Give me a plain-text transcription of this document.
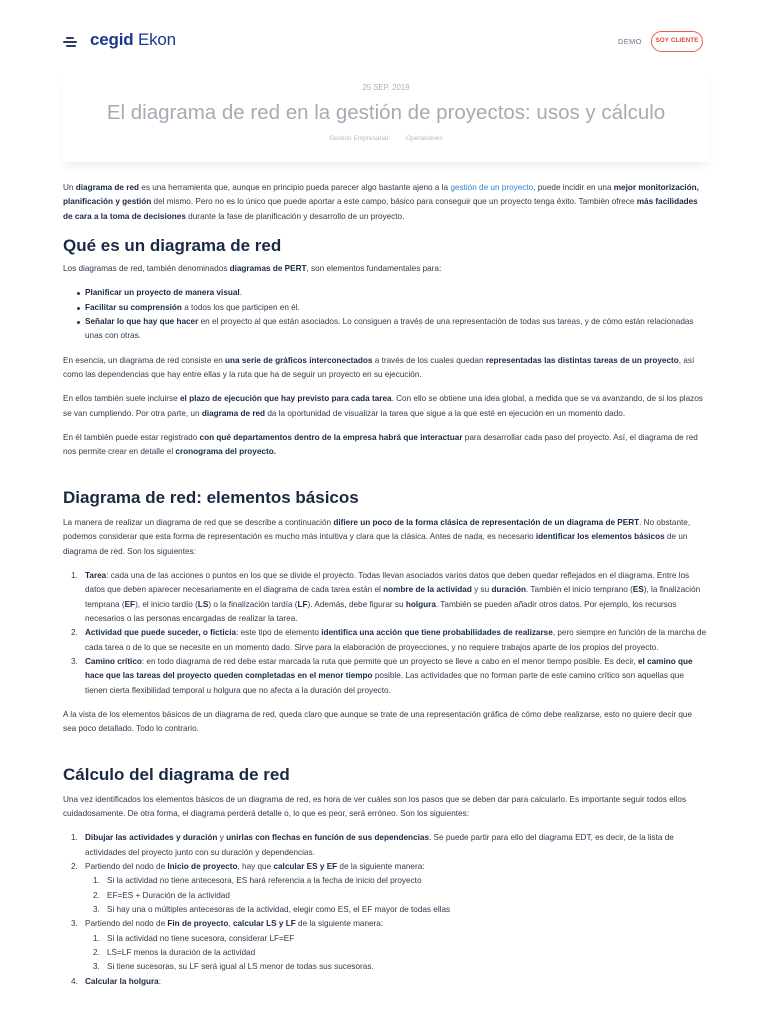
cegid Ekon	DEMO	SOY CLIENTE
25 SEP. 2019
El diagrama de red en la gestión de proyectos: usos y cálculo
Gestión Empresarial	Operaciones

Un diagrama de red es una herramienta que, aunque en principio pueda parecer algo bastante ajeno a la gestión de un proyecto, puede incidir en una mejor monitorización, planificación y gestión del mismo. Pero no es lo único que puede aportar a este campo, básico para conseguir que un proyecto tenga éxito. También ofrece más facilidades de cara a la toma de decisiones durante la fase de planificación y desarrollo de un proyecto.

Qué es un diagrama de red

Los diagramas de red, también denominados diagramas de PERT, son elementos fundamentales para:

Planificar un proyecto de manera visual.
Facilitar su comprensión a todos los que participen en él.
Señalar lo que hay que hacer en el proyecto al que están asociados. Lo consiguen a través de una representación de todas sus tareas, y de cómo están relacionadas unas con otras.

En esencia, un diagrama de red consiste en una serie de gráficos interconectados a través de los cuales quedan representadas las distintas tareas de un proyecto, así como las dependencias que hay entre ellas y la ruta que ha de seguir un proyecto en su ejecución.

En ellos también suele incluirse el plazo de ejecución que hay previsto para cada tarea. Con ello se obtiene una idea global, a medida que se va avanzando, de si los plazos se van cumpliendo. Por otra parte, un diagrama de red da la oportunidad de visualizar la tarea que sigue a la que esté en ejecución en un momento dado.

En él también puede estar registrado con qué departamentos dentro de la empresa habrá que interactuar para desarrollar cada paso del proyecto. Así, el diagrama de red nos permite crear en detalle el cronograma del proyecto.

Diagrama de red: elementos básicos

La manera de realizar un diagrama de red que se describe a continuación difiere un poco de la forma clásica de representación de un diagrama de PERT. No obstante, podemos considerar que esta forma de representación es mucho más intuitiva y clara que la clásica. Antes de nada, es necesario identificar los elementos básicos de un diagrama de red. Son los siguientes:

1. Tarea: cada una de las acciones o puntos en los que se divide el proyecto. Todas llevan asociados varios datos que deben quedar reflejados en el diagrama. Entre los datos que deben aparecer necesariamente en el diagrama de cada tarea están el nombre de la actividad y su duración. También el inicio temprano (ES), la finalización temprana (EF), el inicio tardío (LS) o la finalización tardía (LF). Además, debe figurar su holgura. También se pueden añadir otros datos. Por ejemplo, los recursos necesarios o las personas encargadas de realizar la tarea.
2. Actividad que puede suceder, o ficticia: este tipo de elemento identifica una acción que tiene probabilidades de realizarse, pero siempre en función de la marcha de cada tarea o de lo que se necesite en un momento dado. Sirve para la elaboración de proyecciones, y no requiere trabajos aparte de los propios del proyecto.
3. Camino crítico: en todo diagrama de red debe estar marcada la ruta que permite que un proyecto se lleve a cabo en el menor tiempo posible. Es decir, el camino que hace que las tareas del proyecto queden completadas en el menor tiempo posible. Las actividades que no forman parte de este camino crítico son aquellas que tienen cierta flexibilidad temporal u holgura que no afecta a la duración del proyecto.

A la vista de los elementos básicos de un diagrama de red, queda claro que aunque se trate de una representación gráfica de cómo debe realizarse, esto no quiere decir que sea poco detallado. Todo lo contrario.

Cálculo del diagrama de red

Una vez identificados los elementos básicos de un diagrama de red, es hora de ver cuáles son los pasos que se deben dar para calcularlo. Es importante seguir todos ellos cuidadosamente. De otra forma, el diagrama perderá detalle o, lo que es peor, será erróneo. Son los siguientes:

1. Dibujar las actividades y duración y unirlas con flechas en función de sus dependencias. Se puede partir para ello del diagrama EDT, es decir, de la lista de actividades del proyecto junto con su duración y dependencias.
2. Partiendo del nodo de Inicio de proyecto, hay que calcular ES y EF de la siguiente manera:
1. Si la actividad no tiene antecesora, ES hará referencia a la fecha de inicio del proyecto
2. EF=ES + Duración de la actividad
3. Si hay una o múltiples antecesoras de la actividad, elegir como ES, el EF mayor de todas ellas
3. Partiendo del nodo de Fin de proyecto, calcular LS y LF de la siguiente manera:
1. Si la actividad no tiene sucesora, considerar LF=EF
2. LS=LF menos la duración de la actividad
3. Si tiene sucesoras, su LF será igual al LS menor de todas sus sucesoras.
4. Calcular la holgura:
